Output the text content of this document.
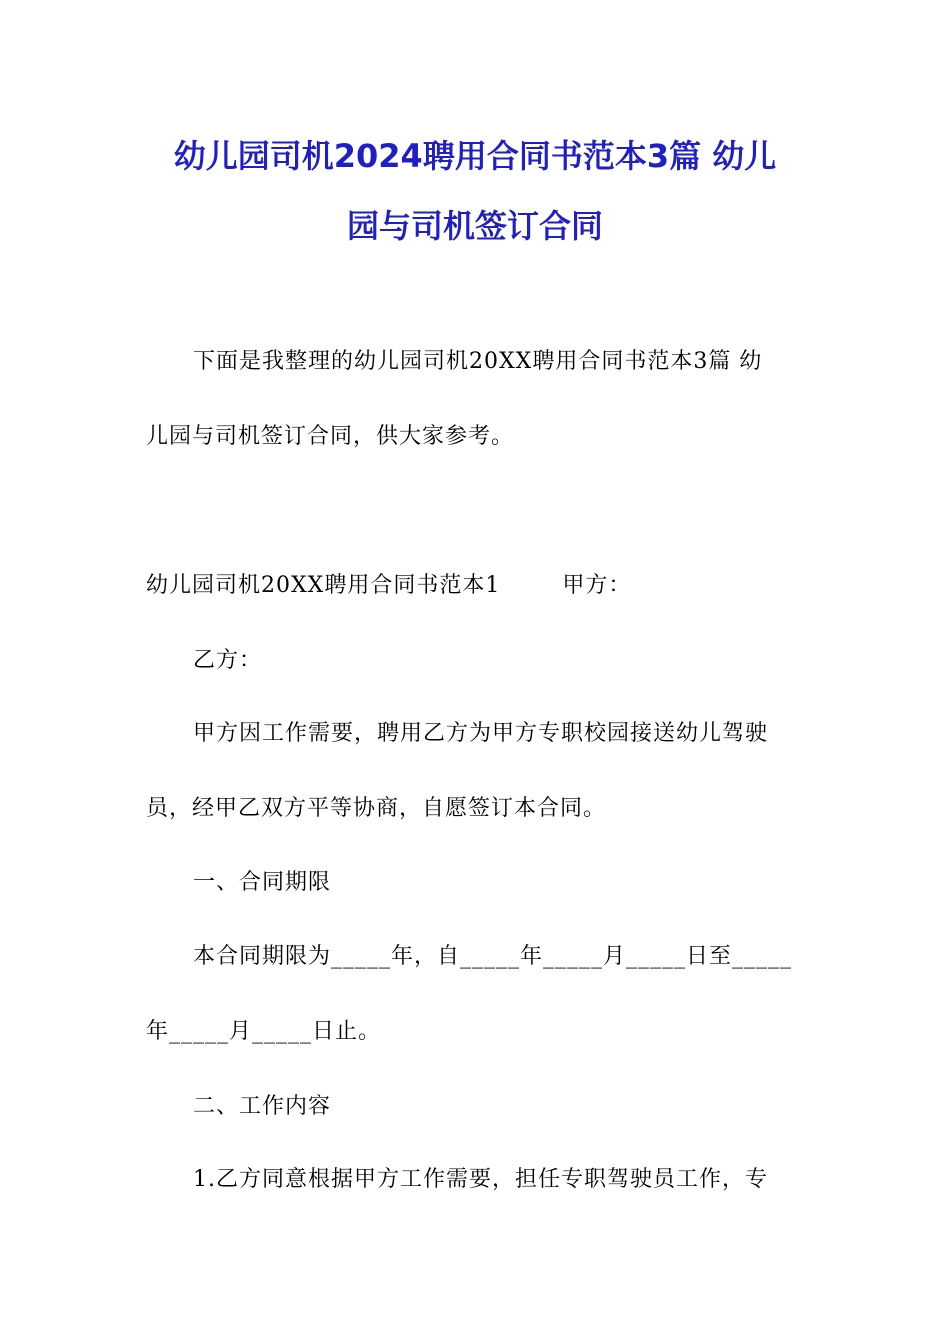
幼儿园司机2024聘用合同书范本3篇 幼儿
园与司机签订合同
下面是我整理的幼儿园司机20XX聘用合同书范本3篇 幼
儿园与司机签订合同，供大家参考。
幼儿园司机20XX聘用合同书范本1	甲方：
乙方：
甲方因工作需要，聘用乙方为甲方专职校园接送幼儿驾驶
员，经甲乙双方平等协商，自愿签订本合同。
一、合同期限
本合同期限为_____年，自_____年_____月_____日至_____
年_____月_____日止。
二、工作内容
1.乙方同意根据甲方工作需要，担任专职驾驶员工作，专
